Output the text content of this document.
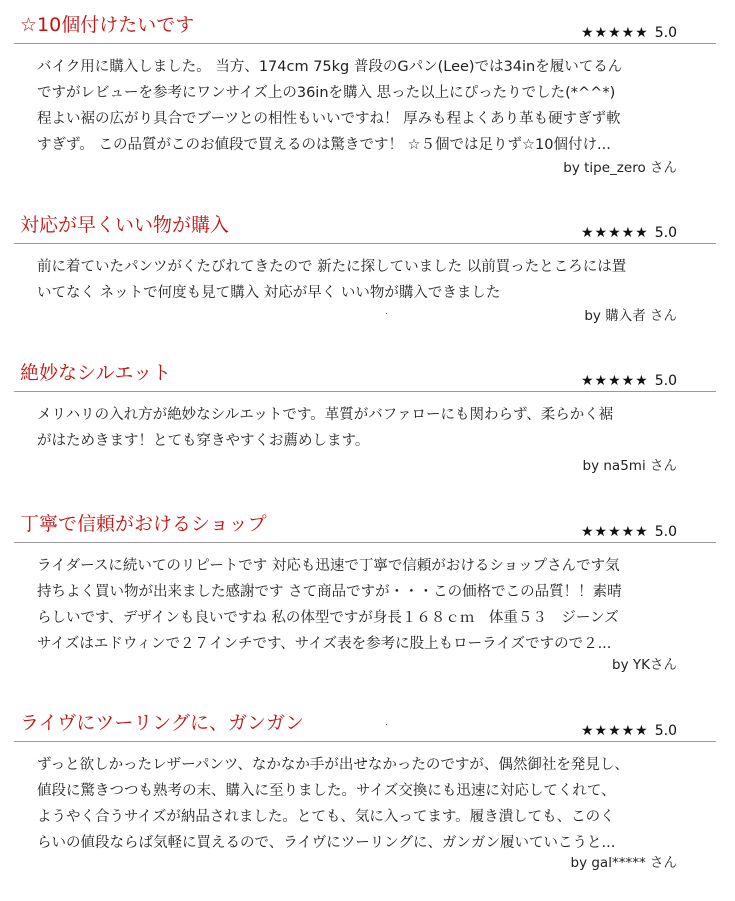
☆10個付けたいです	★★★★★ 5.0
バイク用に購入しました。 当方、174cm 75kg 普段のGパン(Lee)では34inを履いてるん
ですがレビューを参考にワンサイズ上の36inを購入 思った以上にぴったりでした(*^^*)
程よい裾の広がり具合でブーツとの相性もいいですね！ 厚みも程よくあり革も硬すぎず軟
すぎず。 この品質がこのお値段で買えるのは驚きです！ ☆５個では足りず☆10個付け...
by tipe_zero さん
対応が早くいい物が購入	★★★★★ 5.0
前に着ていたパンツがくたびれてきたので 新たに探していました 以前買ったところには置
いてなく ネットで何度も見て購入 対応が早く いい物が購入できました
by 購入者 さん
絶妙なシルエット	★★★★★ 5.0
メリハリの入れ方が絶妙なシルエットです。革質がバファローにも関わらず、柔らかく裾
がはためきます！とても穿きやすくお薦めします。
by na5mi さん
丁寧で信頼がおけるショップ	★★★★★ 5.0
ライダースに続いてのリピートです 対応も迅速で丁寧で信頼がおけるショップさんです気
持ちよく買い物が出来ました感謝です さて商品ですが・・・この価格でこの品質！！素晴
らしいです、デザインも良いですね 私の体型ですが身長１６８ｃｍ　体重５３　ジーンズ
サイズはエドウィンで２７インチです、サイズ表を参考に股上もローライズですので２...
by YKさん
ライヴにツーリングに、ガンガン	★★★★★ 5.0
ずっと欲しかったレザーパンツ、なかなか手が出せなかったのですが、偶然御社を発見し、
値段に驚きつつも熟考の末、購入に至りました。サイズ交換にも迅速に対応してくれて、
ようやく合うサイズが納品されました。とても、気に入ってます。履き潰しても、このく
らいの値段ならば気軽に買えるので、ライヴにツーリングに、ガンガン履いていこうと...
by gal***** さん
